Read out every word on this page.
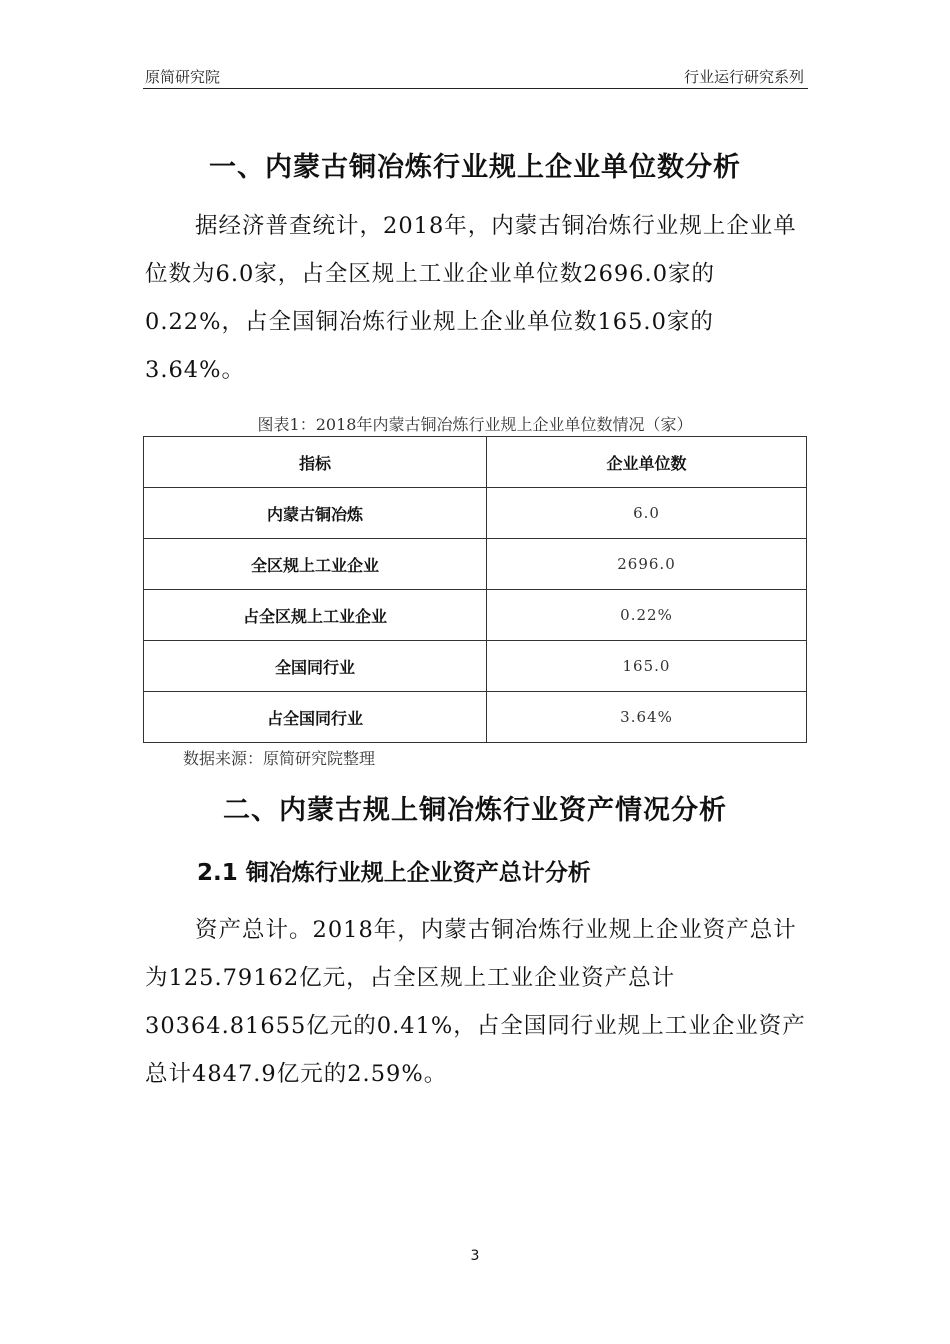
原简研究院	行业运行研究系列
一、内蒙古铜冶炼行业规上企业单位数分析
据经济普查统计，2018年，内蒙古铜冶炼行业规上企业单位数为6.0家，占全区规上工业企业单位数2696.0家的0.22%，占全国铜冶炼行业规上企业单位数165.0家的3.64%。
图表1：2018年内蒙古铜冶炼行业规上企业单位数情况（家）
指标	企业单位数
内蒙古铜冶炼	6.0
全区规上工业企业	2696.0
占全区规上工业企业	0.22%
全国同行业	165.0
占全国同行业	3.64%
数据来源：原简研究院整理
二、内蒙古规上铜冶炼行业资产情况分析
2.1 铜冶炼行业规上企业资产总计分析
资产总计。2018年，内蒙古铜冶炼行业规上企业资产总计为125.79162亿元，占全区规上工业企业资产总计30364.81655亿元的0.41%，占全国同行业规上工业企业资产总计4847.9亿元的2.59%。
3
